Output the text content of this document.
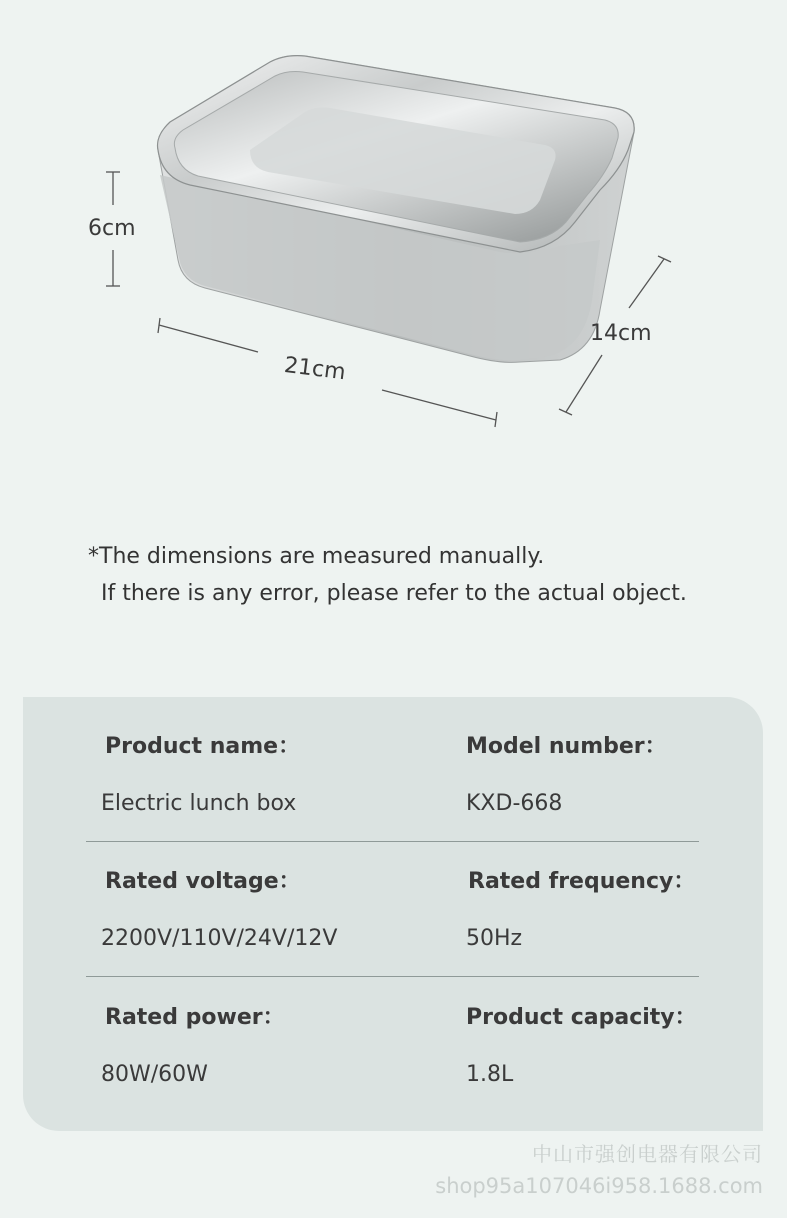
6cm
21cm
14cm
*The dimensions are measured manually.
If there is any error, please refer to the actual object.
Product name：
Electric lunch box
Model number：
KXD-668
Rated voltage：
2200V/110V/24V/12V
Rated frequency：
50Hz
Rated power：
80W/60W
Product capacity：
1.8L
中山市强创电器有限公司
shop95a107046i958.1688.com
